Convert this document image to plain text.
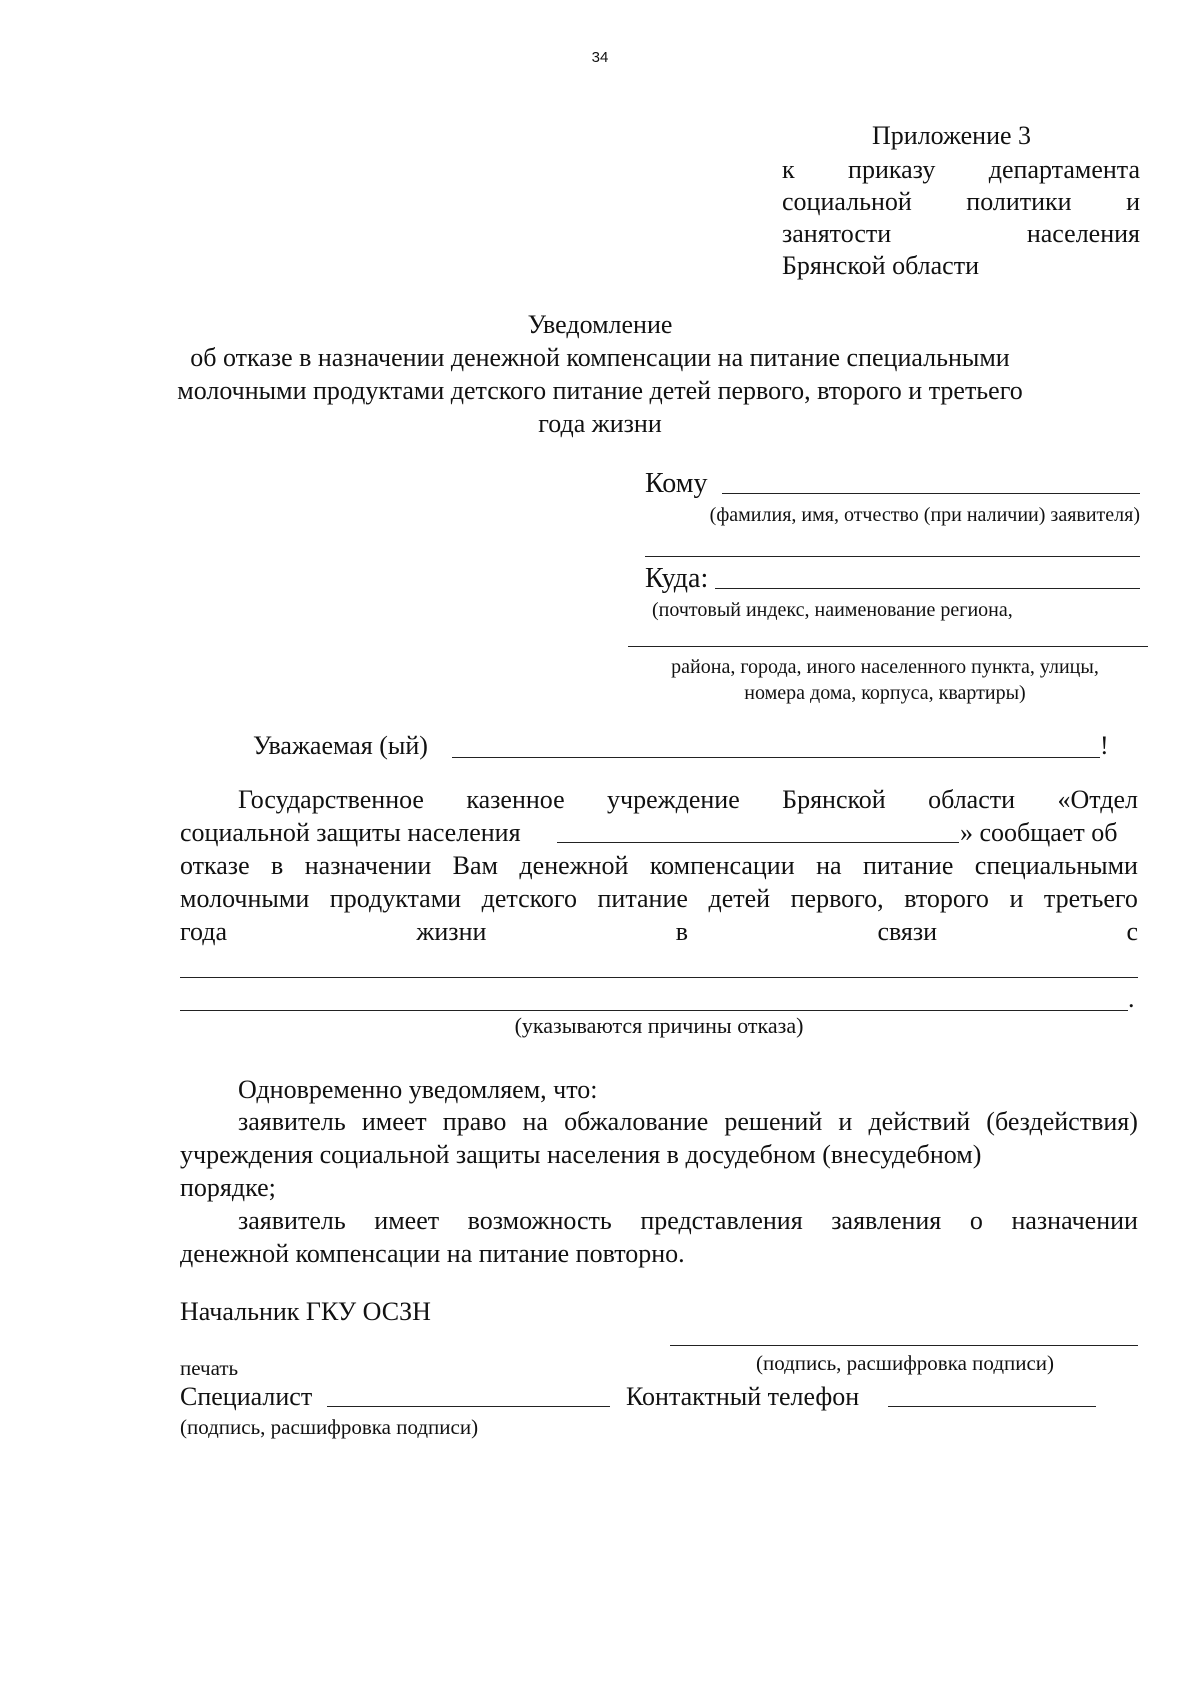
34
Приложение 3
к приказу департамента
социальной политики и
занятости	населения
Брянской области
Уведомление
об отказе в назначении денежной компенсации на питание специальными
молочными продуктами детского питание детей первого, второго и третьего
года жизни
Кому
(фамилия, имя, отчество (при наличии) заявителя)
Куда:
(почтовый индекс, наименование региона,
района, города, иного населенного пункта, улицы,
номера дома, корпуса, квартиры)
Уважаемая (ый)	!
Государственное казенное учреждение Брянской области «Отдел
социальной защиты населения	» сообщает об
отказе в назначении Вам денежной компенсации на питание специальными
молочными продуктами детского питание детей первого, второго и третьего
года	жизни	в	связи	с
.
(указываются причины отказа)
Одновременно уведомляем, что:
заявитель имеет право на обжалование решений и действий (бездействия)
учреждения социальной защиты населения в досудебном (внесудебном)
порядке;
заявитель имеет возможность представления заявления о назначении
денежной компенсации на питание повторно.
Начальник ГКУ ОСЗН
печать	(подпись, расшифровка подписи)
Специалист	Контактный телефон
(подпись, расшифровка подписи)
